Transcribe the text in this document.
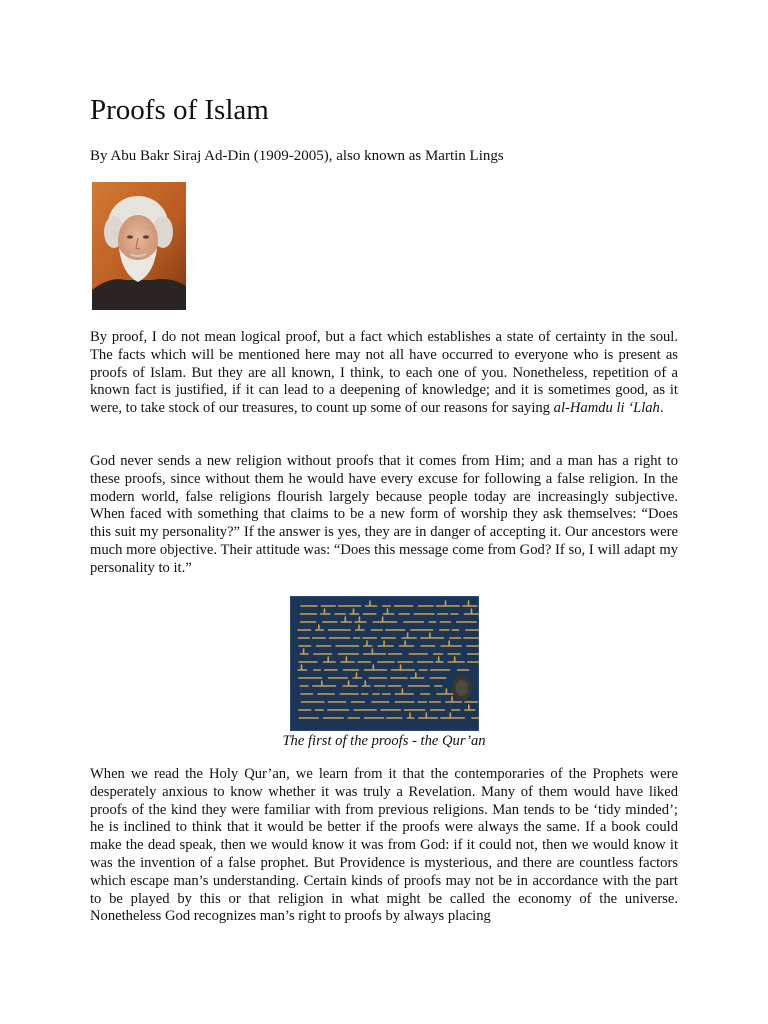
Proofs of Islam
By Abu Bakr Siraj Ad-Din (1909-2005), also known as Martin Lings

By proof, I do not mean logical proof, but a fact which establishes a state of certainty in the soul. The facts which will be mentioned here may not all have occurred to everyone who is present as proofs of Islam. But they are all known, I think, to each one of you. Nonetheless, repetition of a known fact is justified, if it can lead to a deepening of knowledge; and it is sometimes good, as it were, to take stock of our treasures, to count up some of our reasons for saying al-Hamdu li ‘Llah.

God never sends a new religion without proofs that it comes from Him; and a man has a right to these proofs, since without them he would have every excuse for following a false religion. In the modern world, false religions flourish largely because people today are increasingly subjective. When faced with something that claims to be a new form of worship they ask themselves: “Does this suit my personality?” If the answer is yes, they are in danger of accepting it. Our ancestors were much more objective. Their attitude was: “Does this message come from God? If so, I will adapt my personality to it.”

The first of the proofs - the Qur’an

When we read the Holy Qur’an, we learn from it that the contemporaries of the Prophets were desperately anxious to know whether it was truly a Revelation. Many of them would have liked proofs of the kind they were familiar with from previous religions. Man tends to be ‘tidy minded’; he is inclined to think that it would be better if the proofs were always the same. If a book could make the dead speak, then we would know it was from God: if it could not, then we would know it was the invention of a false prophet. But Providence is mysterious, and there are countless factors which escape man’s understanding. Certain kinds of proofs may not be in accordance with the part to be played by this or that religion in what might be called the economy of the universe. Nonetheless God recognizes man’s right to proofs by always placing
